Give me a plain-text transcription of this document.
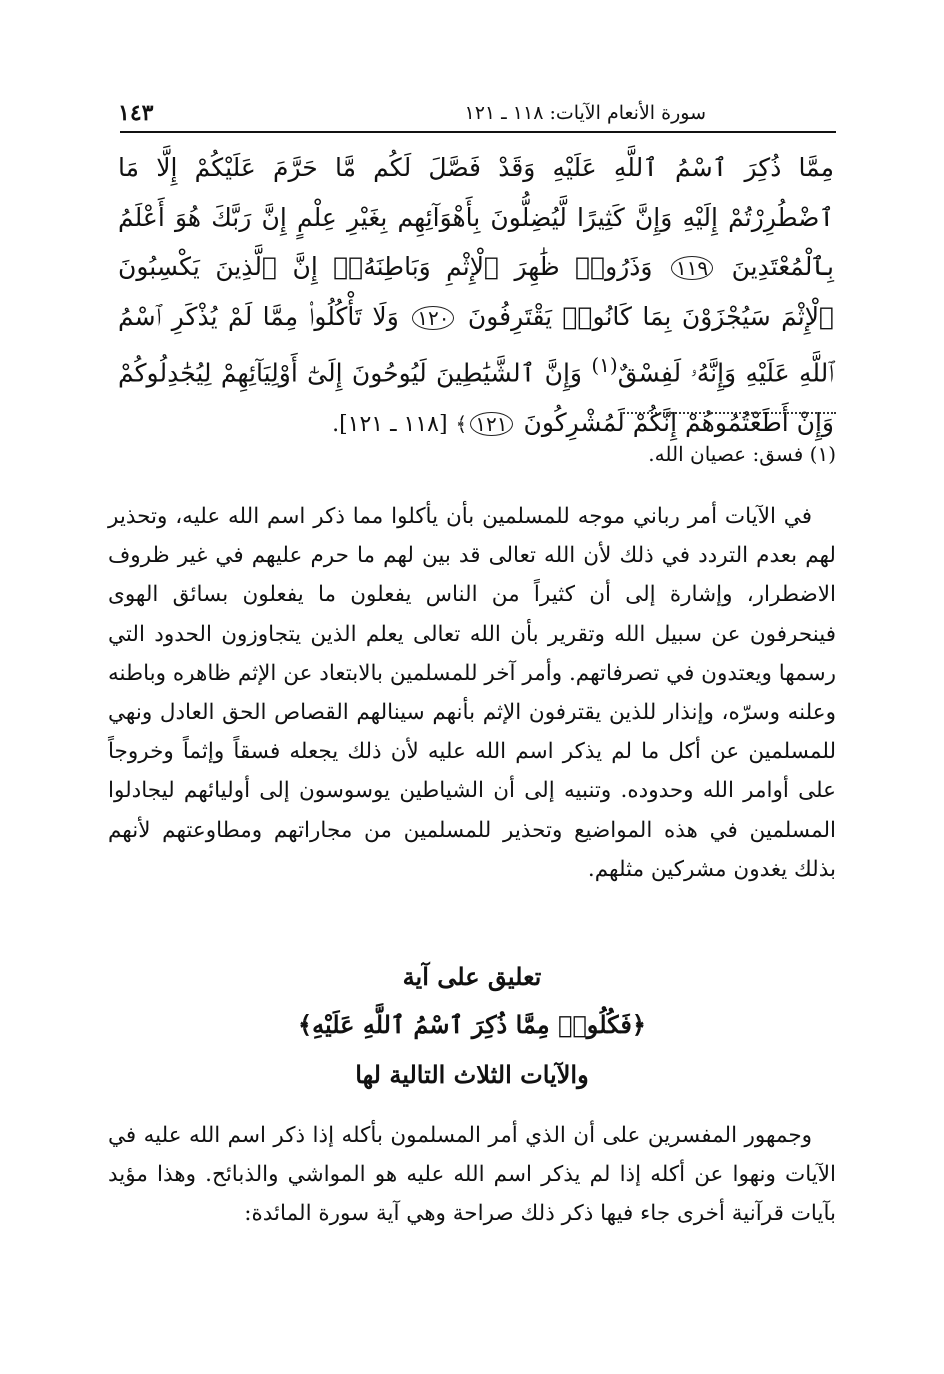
سورة الأنعام الآيات: ١١٨ ـ ١٢١
١٤٣
مِمَّا ذُكِرَ ٱسْمُ ٱللَّهِ عَلَيْهِ وَقَدْ فَصَّلَ لَكُم مَّا حَرَّمَ عَلَيْكُمْ إِلَّا مَا ٱضْطُرِرْتُمْ إِلَيْهِ وَإِنَّ كَثِيرًا لَّيُضِلُّونَ بِأَهْوَآئِهِم بِغَيْرِ عِلْمٍ إِنَّ رَبَّكَ هُوَ أَعْلَمُ بِٱلْمُعْتَدِينَ ١١٩ وَذَرُوا۟ ظَٰهِرَ ٱلْإِثْمِ وَبَاطِنَهُۥٓ إِنَّ ٱلَّذِينَ يَكْسِبُونَ ٱلْإِثْمَ سَيُجْزَوْنَ بِمَا كَانُوا۟ يَقْتَرِفُونَ ١٢٠ وَلَا تَأْكُلُوا۟ مِمَّا لَمْ يُذْكَرِ ٱسْمُ ٱللَّهِ عَلَيْهِ وَإِنَّهُۥ لَفِسْقٌ$^{(١)}$ وَإِنَّ ٱلشَّيَٰطِينَ لَيُوحُونَ إِلَىٰٓ أَوْلِيَآئِهِمْ لِيُجَٰدِلُوكُمْ وَإِنْ أَطَعْتُمُوهُمْ إِنَّكُمْ لَمُشْرِكُونَ ١٢١﴾ [١١٨ ـ ١٢١].
(١) فسق: عصيان الله.

في الآيات أمر رباني موجه للمسلمين بأن يأكلوا مما ذكر اسم الله عليه، وتحذير لهم بعدم التردد في ذلك لأن الله تعالى قد بين لهم ما حرم عليهم في غير ظروف الاضطرار، وإشارة إلى أن كثيراً من الناس يفعلون ما يفعلون بسائق الهوى فينحرفون عن سبيل الله وتقرير بأن الله تعالى يعلم الذين يتجاوزون الحدود التي رسمها ويعتدون في تصرفاتهم. وأمر آخر للمسلمين بالابتعاد عن الإثم ظاهره وباطنه وعلنه وسرّه، وإنذار للذين يقترفون الإثم بأنهم سينالهم القصاص الحق العادل ونهي للمسلمين عن أكل ما لم يذكر اسم الله عليه لأن ذلك يجعله فسقاً وإثماً وخروجاً على أوامر الله وحدوده. وتنبيه إلى أن الشياطين يوسوسون إلى أوليائهم ليجادلوا المسلمين في هذه المواضيع وتحذير للمسلمين من مجاراتهم ومطاوعتهم لأنهم بذلك يغدون مشركين مثلهم.

تعليق على آية
﴿فَكُلُوا۟ مِمَّا ذُكِرَ ٱسْمُ ٱللَّهِ عَلَيْهِ﴾
والآيات الثلاث التالية لها

وجمهور المفسرين على أن الذي أمر المسلمون بأكله إذا ذكر اسم الله عليه في الآيات ونهوا عن أكله إذا لم يذكر اسم الله عليه هو المواشي والذبائح. وهذا مؤيد بآيات قرآنية أخرى جاء فيها ذكر ذلك صراحة وهي آية سورة المائدة:
